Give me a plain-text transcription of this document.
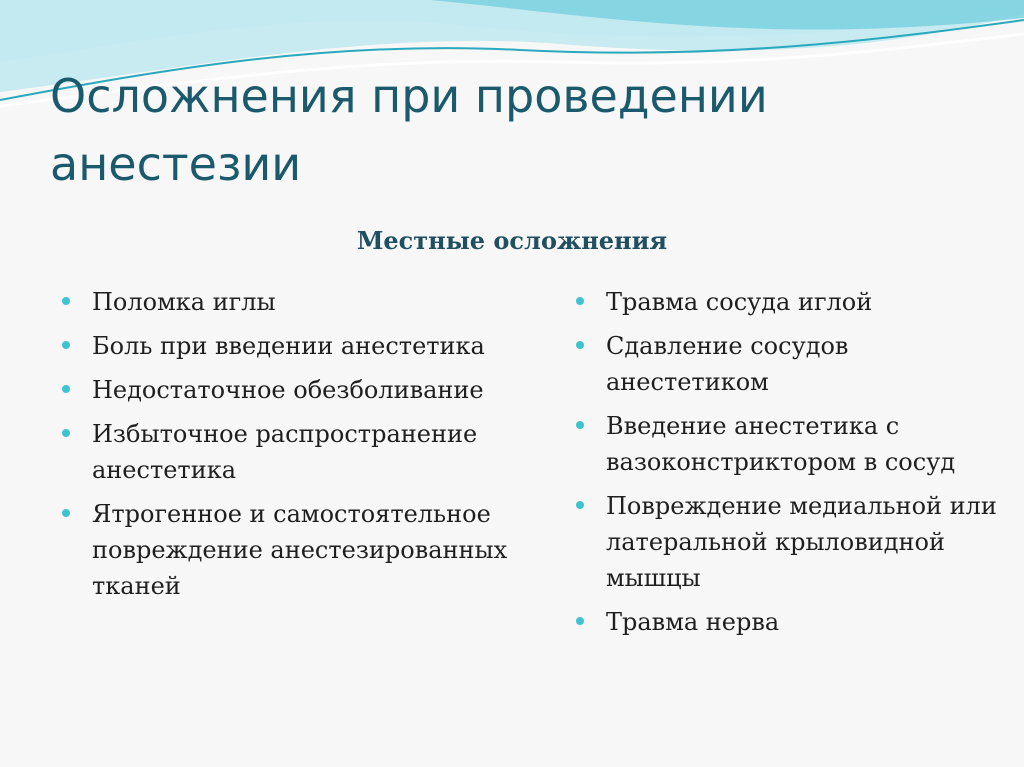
Осложнения при проведении анестезии
Местные осложнения
Поломка иглы
Боль при введении анестетика
Недостаточное обезболивание
Избыточное распространение анестетика
Ятрогенное и самостоятельное повреждение анестезированных тканей
Травма сосуда иглой
Сдавление сосудов анестетиком
Введение анестетика с вазоконстриктором в сосуд
Повреждение медиальной или латеральной крыловидной мышцы
Травма нерва
